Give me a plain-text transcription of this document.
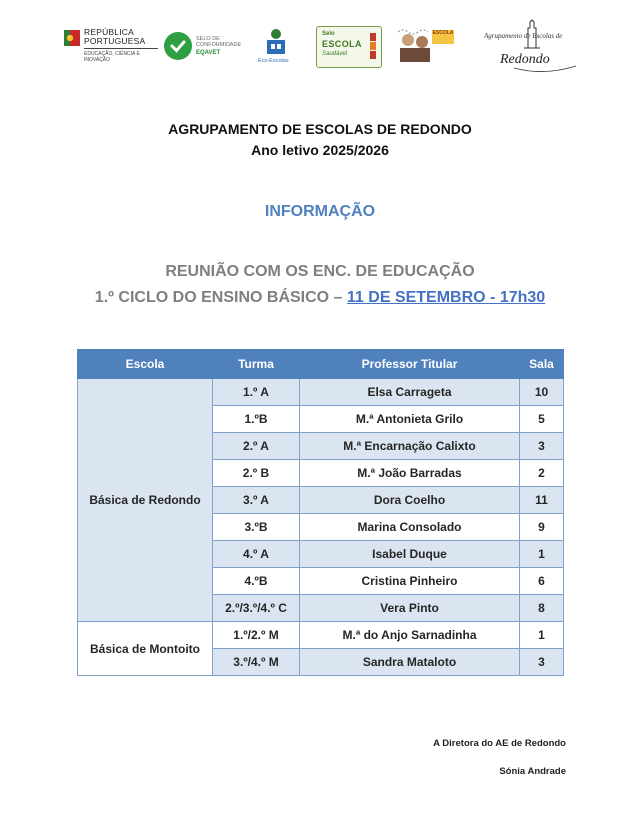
REPÚBLICA
PORTUGUESA
EDUCAÇÃO, CIÊNCIA E INOVAÇÃO
SELO DE CONFORMIDADE
EQAVET
Eco-Escolas
Selo
ESCOLA
Saudável
ESCOLA	Agrupamento de Escolas de
Redondo
AGRUPAMENTO DE ESCOLAS DE REDONDO
Ano letivo 2025/2026
INFORMAÇÃO
REUNIÃO COM OS ENC. DE EDUCAÇÃO
1.º CICLO DO ENSINO BÁSICO – 11 DE SETEMBRO - 17h30
Escola	Turma	Professor Titular	Sala
Básica de Redondo	1.º A	Elsa Carrageta	10
	1.ºB	M.ª Antonieta Grilo	5
	2.º A	M.ª Encarnação Calixto	3
	2.º B	M.ª João Barradas	2
	3.º A	Dora Coelho	11
	3.ºB	Marina Consolado	9
	4.º A	Isabel Duque	1
	4.ºB	Cristina Pinheiro	6
	2.º/3.º/4.º C	Vera Pinto	8
Básica de Montoito	1.º/2.º M	M.ª do Anjo Sarnadinha	1
	3.º/4.º M	Sandra Mataloto	3
A Diretora do AE de Redondo
Sónia Andrade
